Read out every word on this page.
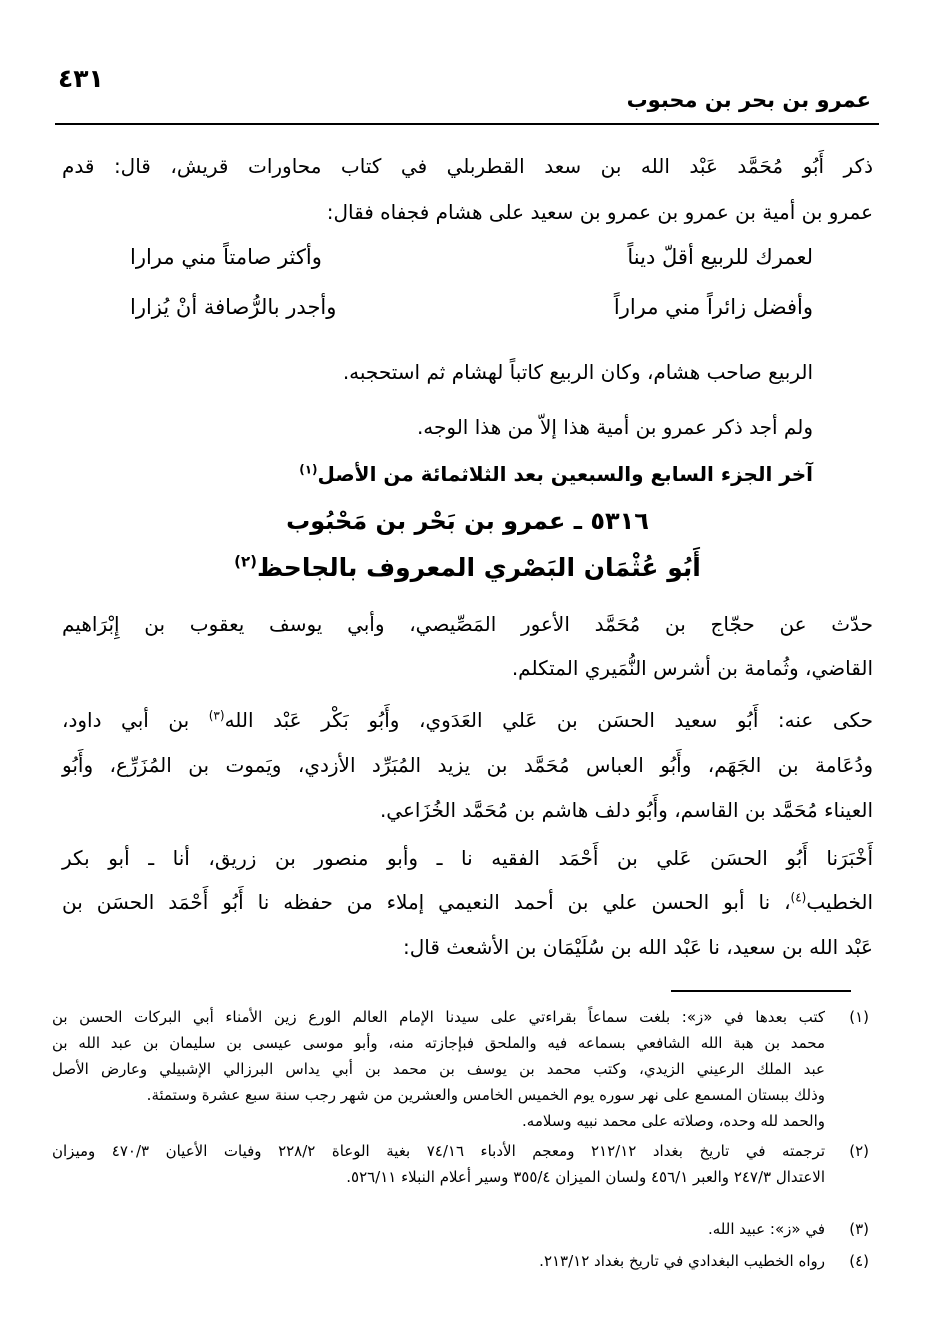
٤٣١
عمرو بن بحر بن محبوب
ذكر أَبُو مُحَمَّد عَبْد الله بن سعد القطربلي في كتاب محاورات قريش، قال: قدم
عمرو بن أمية بن عمرو بن عمرو بن سعيد على هشام فجفاه فقال:
لعمرك للربيع أقلّ ديناً
وأكثر صامتاً مني مرارا
وأفضل زائراً مني مراراً
وأجدر بالرُّصافة أنْ يُزارا
الربيع صاحب هشام، وكان الربيع كاتباً لهشام ثم استحجبه.
ولم أجد ذكر عمرو بن أمية هذا إلاّ من هذا الوجه.
آخر الجزء السابع والسبعين بعد الثلاثمائة من الأصل$^{(١)}$
٥٣١٦ ـ عمرو بن بَحْر بن مَحْبُوب
أَبُو عُثْمَان البَصْري المعروف بالجاحظ$^{(٢)}$
حدّث عن حجّاج بن مُحَمَّد الأعور المَصِّيصي، وأبي يوسف يعقوب بن إِبْرَاهيم
القاضي، وثُمامة بن أشرس النُّمَيري المتكلم.
حكى عنه: أَبُو سعيد الحسَن بن عَلي العَدَوي، وأَبُو بَكْر عَبْد الله$^{(٣)}$ بن أبي داود،
ودُعَامة بن الجَهَم، وأَبُو العباس مُحَمَّد بن يزيد المُبَرِّد الأزدي، ويَموت بن المُزَرِّع، وأَبُو
العيناء مُحَمَّد بن القاسم، وأَبُو دلف هاشم بن مُحَمَّد الخُزَاعي.
أَخْبَرَنا أَبُو الحسَن عَلي بن أَحْمَد الفقيه نا ـ وأبو منصور بن زريق، أنا ـ أبو بكر
الخطيب$^{(٤)}$، نا أبو الحسن علي بن أحمد النعيمي إملاء من حفظه نا أَبُو أَحْمَد الحسَن بن
عَبْد الله بن سعيد، نا عَبْد الله بن سُلَيْمَان بن الأشعث قال:
(١)
كتب بعدها في «ز»: بلغت سماعاً بقراءتي على سيدنا الإمام العالم الورع زين الأمناء أبي البركات الحسن بن
محمد بن هبة الله الشافعي بسماعه فيه والملحق فبإجازته منه، وأبو موسى عيسى بن سليمان بن عبد الله بن
عبد الملك الرعيني الزيدي، وكتب محمد بن يوسف بن محمد بن أبي يداس البرزالي الإشبيلي وعارض الأصل
وذلك ببستان المسمع على نهر سوره يوم الخميس الخامس والعشرين من شهر رجب سنة سبع عشرة وستمئة.
والحمد لله وحده، وصلاته على محمد نبيه وسلامه.
(٢)
ترجمته في تاريخ بغداد ٢١٢/١٢ ومعجم الأدباء ٧٤/١٦ بغية الوعاة ٢٢٨/٢ وفيات الأعيان ٤٧٠/٣ وميزان
الاعتدال ٢٤٧/٣ والعبر ٤٥٦/١ ولسان الميزان ٣٥٥/٤ وسير أعلام النبلاء ٥٢٦/١١.
(٣)
في «ز»: عبيد الله.
(٤)
رواه الخطيب البغدادي في تاريخ بغداد ٢١٣/١٢.
